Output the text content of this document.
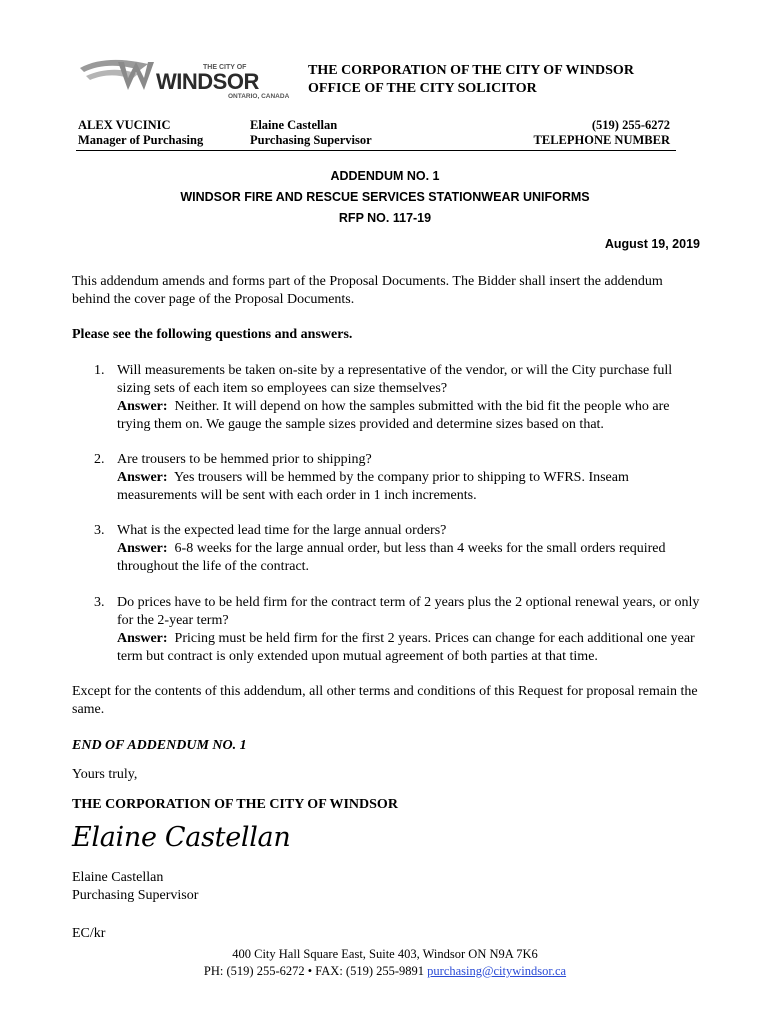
THE CITY OF
WINDSOR
ONTARIO, CANADA
THE CORPORATION OF THE CITY OF WINDSOR
OFFICE OF THE CITY SOLICITOR
ALEX VUCINIC
Manager of Purchasing
Elaine Castellan
Purchasing Supervisor
(519) 255-6272
TELEPHONE NUMBER
ADDENDUM NO. 1
WINDSOR FIRE AND RESCUE SERVICES STATIONWEAR UNIFORMS
RFP NO. 117-19
August 19, 2019
This addendum amends and forms part of the Proposal Documents. The Bidder shall insert the addendum behind the cover page of the Proposal Documents.
Please see the following questions and answers.
1. Will measurements be taken on-site by a representative of the vendor, or will the City purchase full sizing sets of each item so employees can size themselves?
Answer: Neither. It will depend on how the samples submitted with the bid fit the people who are trying them on. We gauge the sample sizes provided and determine sizes based on that.
2. Are trousers to be hemmed prior to shipping?
Answer: Yes trousers will be hemmed by the company prior to shipping to WFRS. Inseam measurements will be sent with each order in 1 inch increments.
3. What is the expected lead time for the large annual orders?
Answer: 6-8 weeks for the large annual order, but less than 4 weeks for the small orders required throughout the life of the contract.
3. Do prices have to be held firm for the contract term of 2 years plus the 2 optional renewal years, or only for the 2-year term?
Answer: Pricing must be held firm for the first 2 years. Prices can change for each additional one year term but contract is only extended upon mutual agreement of both parties at that time.
Except for the contents of this addendum, all other terms and conditions of this Request for proposal remain the same.
END OF ADDENDUM NO. 1
Yours truly,
THE CORPORATION OF THE CITY OF WINDSOR
Elaine Castellan
Elaine Castellan
Purchasing Supervisor
EC/kr
400 City Hall Square East, Suite 403, Windsor ON N9A 7K6
PH: (519) 255-6272 • FAX: (519) 255-9891 purchasing@citywindsor.ca
